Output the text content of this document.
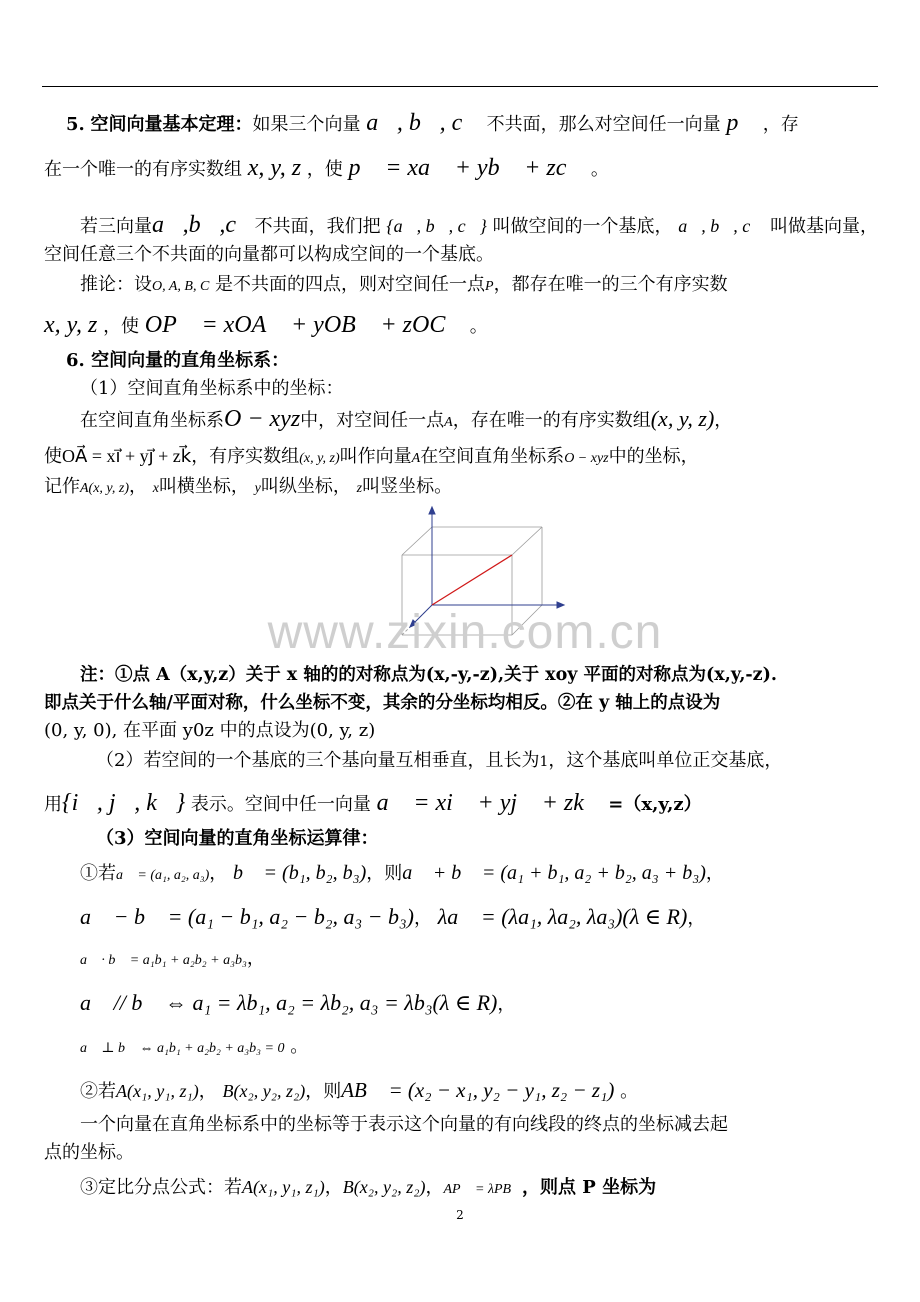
5. 空间向量基本定理：如果三个向量 a⃗, b⃗, c⃗ 不共面，那么对空间任一向量 p⃗ ，存
在一个唯一的有序实数组 x, y, z ，使 p⃗ = xa⃗ + yb⃗ + zc⃗ 。
若三向量a⃗,b⃗,c⃗不共面，我们把 {a⃗, b⃗, c⃗} 叫做空间的一个基底， a⃗, b⃗, c⃗ 叫做基向量，
空间任意三个不共面的向量都可以构成空间的一个基底。
推论：设O, A, B, C 是不共面的四点，则对空间任一点P，都存在唯一的三个有序实数
x, y, z ，使 OP⃗ = xOA⃗ + yOB⃗ + zOC⃗ 。
6. 空间向量的直角坐标系：
（1）空间直角坐标系中的坐标：
在空间直角坐标系O − xyz中，对空间任一点A，存在唯一的有序实数组(x, y, z)，
使OA⃗ = xi⃗ + yj⃗ + zk⃗，有序实数组(x, y, z)叫作向量A在空间直角坐标系O − xyz中的坐标，
记作A(x, y, z)， x叫横坐标， y叫纵坐标， z叫竖坐标。
www.zixin.com.cn
注：①点 A（x,y,z）关于 x 轴的的对称点为(x,-y,-z),关于 xoy 平面的对称点为(x,y,-z).
即点关于什么轴/平面对称，什么坐标不变，其余的分坐标均相反。②在 y 轴上的点设为
(0, y, 0), 在平面 y0z 中的点设为(0, y, z)
（2）若空间的一个基底的三个基向量互相垂直，且长为1，这个基底叫单位正交基底，
用{i⃗, j⃗, k⃗} 表示。空间中任一向量 a⃗ = xi⃗ + yj⃗ + zk⃗ =（x,y,z）
（3）空间向量的直角坐标运算律：
①若a⃗ = (a₁, a₂, a₃)， b⃗ = (b₁, b₂, b₃)，则a⃗ + b⃗ = (a₁ + b₁, a₂ + b₂, a₃ + b₃)，
a⃗ − b⃗ = (a₁ − b₁, a₂ − b₂, a₃ − b₃)， λa⃗ = (λa₁, λa₂, λa₃)(λ ∈ R)，
a⃗ · b⃗ = a₁b₁ + a₂b₂ + a₃b₃，
a⃗ // b⃗ ⇔ a₁ = λb₁, a₂ = λb₂, a₃ = λb₃(λ ∈ R)，
a⃗ ⊥ b⃗ ⇔ a₁b₁ + a₂b₂ + a₃b₃ = 0 。
②若A(x₁, y₁, z₁)， B(x₂, y₂, z₂)，则AB⃗ = (x₂ − x₁, y₂ − y₁, z₂ − z₁) 。
一个向量在直角坐标系中的坐标等于表示这个向量的有向线段的终点的坐标减去起
点的坐标。
③定比分点公式：若A(x₁, y₁, z₁)，B(x₂, y₂, z₂)，AP⃗ = λPB⃗，则点 P 坐标为
2
